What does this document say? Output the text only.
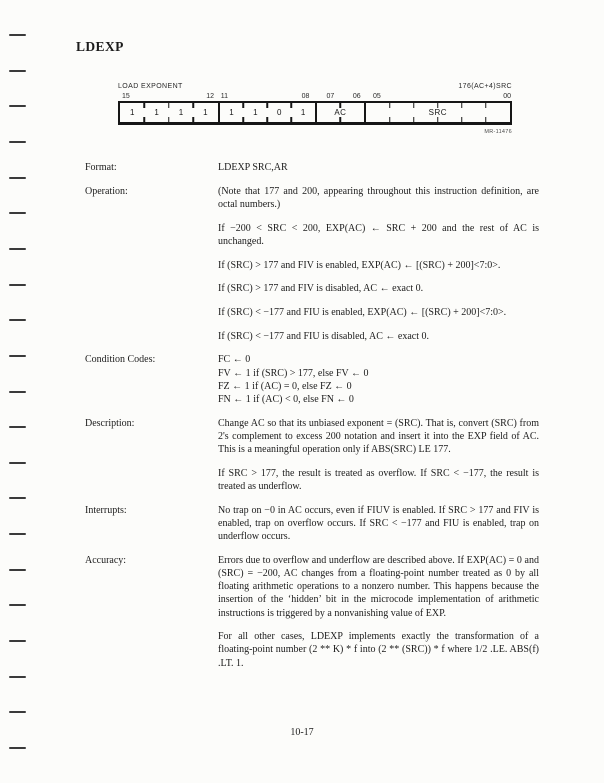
LDEXP
LOAD EXPONENT	176(AC+4)SRC
15	12 11	08 07	06 05	00
1	1	1	1	1	1	0	1	AC	SRC
MR-11476
Format:	LDEXP SRC,AR

Operation:	(Note that 177 and 200, appearing throughout this instruction definition, are octal numbers.)

If −200 < SRC < 200, EXP(AC) ← SRC + 200 and the rest of AC is unchanged.

If (SRC) > 177 and FIV is enabled, EXP(AC) ← [(SRC) + 200]<7:0>.

If (SRC) > 177 and FIV is disabled, AC ← exact 0.

If (SRC) < −177 and FIU is enabled, EXP(AC) ← [(SRC) + 200]<7:0>.

If (SRC) < −177 and FIU is disabled, AC ← exact 0.

Condition Codes:	FC ← 0
FV ← 1 if (SRC) > 177, else FV ← 0
FZ ← 1 if (AC) = 0, else FZ ← 0
FN ← 1 if (AC) < 0, else FN ← 0
Description:	Change AC so that its unbiased exponent = (SRC). That is, convert (SRC) from 2's complement to excess 200 notation and insert it into the EXP field of AC. This is a meaningful operation only if ABS(SRC) LE 177.

If SRC > 177, the result is treated as overflow. If SRC < −177, the result is treated as underflow.

Interrupts:	No trap on −0 in AC occurs, even if FIUV is enabled. If SRC > 177 and FIV is enabled, trap on overflow occurs. If SRC < −177 and FIU is enabled, trap on underflow occurs.

Accuracy:	Errors due to overflow and underflow are described above. If EXP(AC) = 0 and (SRC) = −200, AC changes from a floating-point number treated as 0 by all floating arithmetic operations to a nonzero number. This happens because the insertion of the ‘hidden’ bit in the microcode implementation of arithmetic instructions is triggered by a nonvanishing value of EXP.

For all other cases, LDEXP implements exactly the transformation of a floating-point number (2 ** K) * f into (2 ** (SRC)) * f where 1/2 .LE. ABS(f) .LT. 1.

10-17
